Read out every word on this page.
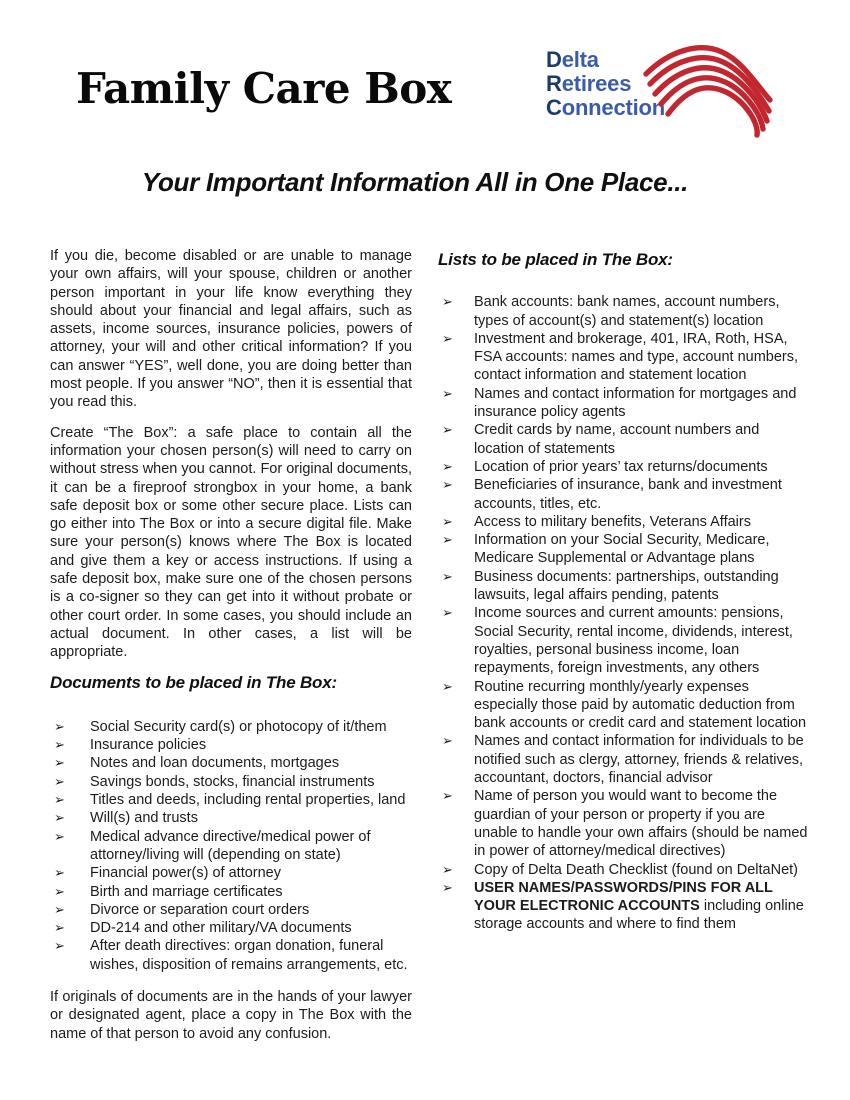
Family Care Box
Delta
Retirees
Connection
Your Important Information All in One Place...

If you die, become disabled or are unable to manage your own affairs, will your spouse, children or another person important in your life know everything they should about your financial and legal affairs, such as assets, income sources, insurance policies, powers of attorney, your will and other critical information? If you can answer “YES”, well done, you are doing better than most people. If you answer “NO”, then it is essential that you read this.

Create “The Box”: a safe place to contain all the information your chosen person(s) will need to carry on without stress when you cannot. For original documents, it can be a fireproof strongbox in your home, a bank safe deposit box or some other secure place. Lists can go either into The Box or into a secure digital file. Make sure your person(s) knows where The Box is located and give them a key or access instructions. If using a safe deposit box, make sure one of the chosen persons is a co-signer so they can get into it without probate or other court order. In some cases, you should include an actual document. In other cases, a list will be appropriate.

Documents to be placed in The Box:
➢	Social Security card(s) or photocopy of it/them
➢	Insurance policies
➢	Notes and loan documents, mortgages
➢	Savings bonds, stocks, financial instruments
➢	Titles and deeds, including rental properties, land
➢	Will(s) and trusts
➢	Medical advance directive/medical power of attorney/living will (depending on state)
➢	Financial power(s) of attorney
➢	Birth and marriage certificates
➢	Divorce or separation court orders
➢	DD-214 and other military/VA documents
➢	After death directives: organ donation, funeral wishes, disposition of remains arrangements, etc.

If originals of documents are in the hands of your lawyer or designated agent, place a copy in The Box with the name of that person to avoid any confusion.

Lists to be placed in The Box:
➢	Bank accounts: bank names, account numbers, types of account(s) and statement(s) location
➢	Investment and brokerage, 401, IRA, Roth, HSA, FSA accounts: names and type, account numbers, contact information and statement location
➢	Names and contact information for mortgages and insurance policy agents
➢	Credit cards by name, account numbers and location of statements
➢	Location of prior years’ tax returns/documents
➢	Beneficiaries of insurance, bank and investment accounts, titles, etc.
➢	Access to military benefits, Veterans Affairs
➢	Information on your Social Security, Medicare, Medicare Supplemental or Advantage plans
➢	Business documents: partnerships, outstanding lawsuits, legal affairs pending, patents
➢	Income sources and current amounts: pensions, Social Security, rental income, dividends, interest, royalties, personal business income, loan repayments, foreign investments, any others
➢	Routine recurring monthly/yearly expenses especially those paid by automatic deduction from bank accounts or credit card and statement location
➢	Names and contact information for individuals to be notified such as clergy, attorney, friends & relatives, accountant, doctors, financial advisor
➢	Name of person you would want to become the guardian of your person or property if you are unable to handle your own affairs (should be named in power of attorney/medical directives)
➢	Copy of Delta Death Checklist (found on DeltaNet)
➢	USER NAMES/PASSWORDS/PINS FOR ALL YOUR ELECTRONIC ACCOUNTS including online storage accounts and where to find them
